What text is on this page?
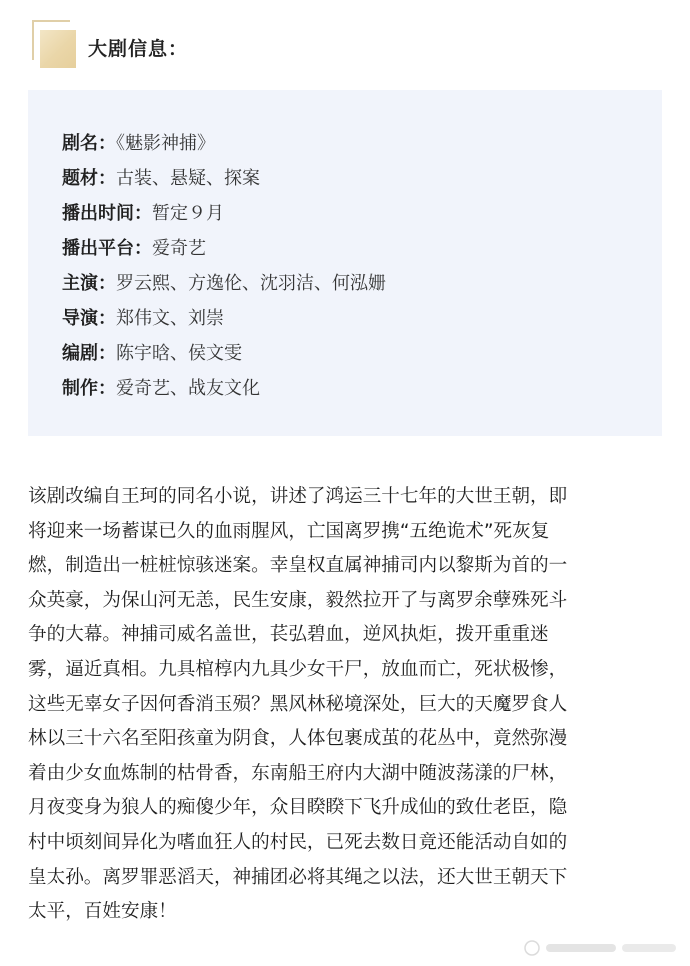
大剧信息：
剧名：《魅影神捕》
题材：古装、悬疑、探案
播出时间：暂定９月
播出平台：爱奇艺
主演：罗云熙、方逸伦、沈羽洁、何泓姗
导演：郑伟文、刘崇
编剧：陈宇晗、侯文雯
制作：爱奇艺、战友文化

该剧改编自王珂的同名小说，讲述了鸿运三十七年的大世王朝，即
将迎来一场蓄谋已久的血雨腥风，亡国离罗携“五绝诡术”死灰复
燃，制造出一桩桩惊骇迷案。幸皇权直属神捕司内以黎斯为首的一
众英豪，为保山河无恙，民生安康，毅然拉开了与离罗余孽殊死斗
争的大幕。神捕司威名盖世，苌弘碧血，逆风执炬，拨开重重迷
雾，逼近真相。九具棺椁内九具少女干尸，放血而亡，死状极惨，
这些无辜女子因何香消玉殒？黑风林秘境深处，巨大的天魔罗食人
林以三十六名至阳孩童为阴食，人体包裹成茧的花丛中，竟然弥漫
着由少女血炼制的枯骨香，东南船王府内大湖中随波荡漾的尸林，
月夜变身为狼人的痴傻少年，众目睽睽下飞升成仙的致仕老臣，隐
村中顷刻间异化为嗜血狂人的村民，已死去数日竟还能活动自如的
皇太孙。离罗罪恶滔天，神捕团必将其绳之以法，还大世王朝天下
太平，百姓安康！
